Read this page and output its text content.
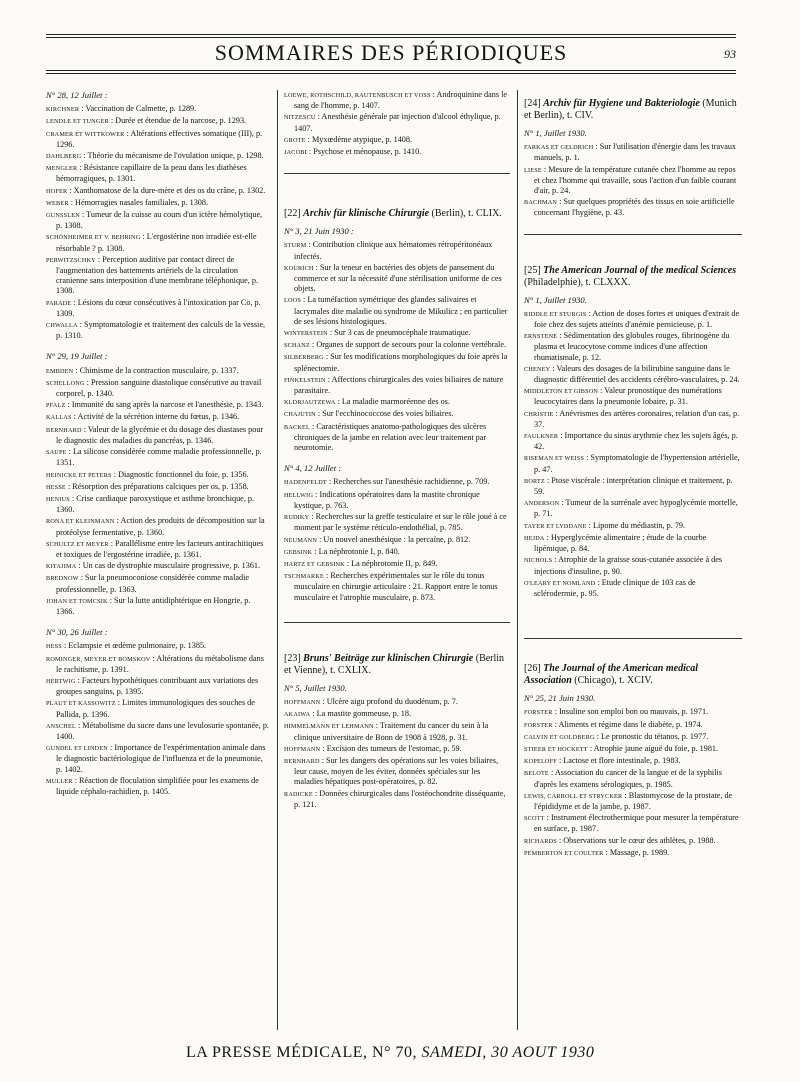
SOMMAIRES DES PÉRIODIQUES	93

N° 28, 12 Juillet :

KIRCHNER : Vaccination de Calmette, p. 1289.

LENDLE ET TUNGER : Durée et étendue de la narcose, p. 1293.

CRAMER ET WITTKOWER : Altérations effectives somatique (III), p. 1296.

DAHLBERG : Théorie du mécanisme de l'ovulation unique, p. 1298.

MENGLER : Résistance capillaire de la peau dans les diathèses hémorragiques, p. 1301.

HOFER : Xanthomatose de la dure-mère et des os du crâne, p. 1302.

WEBER : Hémorragies nasales familiales, p. 1308.

GUNSSLEN : Tumeur de la cuisse au cours d'un ictère hémolytique, p. 1308.

SCHÖNHEIMER ET V. BEHRING : L'ergostérine non irradiée est-elle résorbable ? p. 1308.

PERWITZSCHKY : Perception auditive par contact direct de l'augmentation des battements artériels de la circulation cranienne sans interposition d'une membrane téléphonique, p. 1308.

PARADE : Lésions du cœur consécutives à l'intoxication par Co, p. 1309.

CHWALLA : Symptomatologie et traitement des calculs de la vessie, p. 1310.

N° 29, 19 Juillet :

EMBDEN : Chimisme de la contraction musculaire, p. 1337.

SCHELLONG : Pression sanguine diastolique consécutive au travail corporel, p. 1340.

PFALZ : Immunité du sang après la narcose et l'anesthésie, p. 1343.

KALLAS : Activité de la sécrétion interne du fœtus, p. 1346.

BERNHARD : Valeur de la glycémie et du dosage des diastases pour le diagnostic des maladies du pancréas, p. 1346.

SAUPE : La silicose considérée comme maladie professionnelle, p. 1351.

HEINICKE ET PETERS : Diagnostic fonctionnel du foie, p. 1356.

HESSE : Résorption des préparations calciques per os, p. 1358.

HENIUS : Crise cardiaque paroxystique et asthme bronchique, p. 1360.

RONA ET KLEINMANN : Action des produits de décomposition sur la protéolyse fermentative, p. 1360.

SCHULTZ ET MEYER : Parallélisme entre les facteurs antirachitiques et toxiques de l'ergostérine irradiée, p. 1361.

KITAJIMA : Un cas de dystrophie musculaire progressive, p. 1361.

BREDNOW : Sur la pneumoconiose considérée comme maladie professionnelle, p. 1363.

JOHAN ET TOMCSIK : Sur la lutte antidiphtérique en Hongrie, p. 1366.

N° 30, 26 Juillet :

HESS : Eclampsie et œdème pulmonaire, p. 1385.

ROMINGER, MEYER ET BOMSKOV : Altérations du métabolisme dans le rachitisme, p. 1391.

HERTWIG : Facteurs hypothétiques contribuant aux variations des groupes sanguins, p. 1395.

PLAUT ET KASSOWITZ : Limites immunologiques des souches de Pallida, p. 1396.

ANSCHEL : Métabolisme du sucre dans une levulosurie spontanée, p. 1400.

GUNDEL ET LINDEN : Importance de l'expérimentation animale dans le diagnostic bactériologique de l'influenza et de la pneumonie, p. 1402.

MULLER : Réaction de floculation simplifiée pour les examens de liquide céphalo-rachidien, p. 1405.

LOEWE, ROTHSCHILD, RAUTENBUSCH ET VOSS : Androquinine dans le sang de l'homme, p. 1407.

NITZESCU : Anesthésie générale par injection d'alcool éthylique, p. 1407.

GROTE : Myxœdème atypique, p. 1408.

JACOBI : Psychose et ménopause, p. 1410.

[22] Archiv für klinische Chirurgie (Berlin), t. CLIX.

N° 3, 21 Juin 1930 :

STURM : Contribution clinique aux hématomes rétropéritonéaux infectés.

KOURICH : Sur la teneur en bactéries des objets de pansement du commerce et sur la nécessité d'une stérilisation uniforme de ces objets.

LOOS : La tuméfaction symétrique des glandes salivaires et lacrymales dite maladie ou syndrome de Mikulicz ; en particulier de ses lésions histologiques.

WINTERSTEIN : Sur 3 cas de pneumocéphale traumatique.

SCHANZ : Organes de support de secours pour la colonne vertébrale.

SILBERBERG : Sur les modifications morphologiques du foie après la splénectomie.

FINKELSTEIN : Affections chirurgicales des voies biliaires de nature parasitaire.

KLDRJAUTZEWA : La maladie marmoréenne des os.

CHAJUTIN : Sur l'ecchinococcose des voies biliaires.

BACKEL : Caractéristiques anatomo-pathologiques des ulcères chroniques de la jambe en relation avec leur traitement par neurotomie.

N° 4, 12 Juillet :

HADENFELDT : Recherches sur l'anesthésie rachidienne, p. 709.

HELLWIG : Indications opératoires dans la mastite chronique kystique, p. 763.

RUDIKY : Recherches sur la greffe testiculaire et sur le rôle joué à ce moment par le système réticulo-endothélial, p. 785.

NEUMANN : Un nouvel anesthésique : la percaïne, p. 812.

GEBSINK : La néphrotonie I, p. 840.

HARTZ ET GEBSINK : La néphrotomie II, p. 849.

TSCHMARKE : Recherches expérimentales sur le rôle du tonus musculaire en chirurgie articulaire : 21. Rapport entre le tonus musculaire et l'atrophie musculaire, p. 873.

[23] Bruns' Beiträge zur klinischen Chirurgie (Berlin et Vienne), t. CXLIX.

N° 5, Juillet 1930.

HOFFMANN : Ulcère aigu profond du duodénum, p. 7.

AKAIWA : La mastite gommeuse, p. 18.

HIMMELMANN ET LEHMANN : Traitement du cancer du sein à la clinique universitaire de Bonn de 1908 à 1928, p. 31.

HOFFMANN : Excision des tumeurs de l'estomac, p. 59.

BERNHARD : Sur les dangers des opérations sur les voies biliaires, leur cause, moyen de les éviter, données spéciales sur les maladies hépatiques post-opératoires, p. 82.

RADICKE : Données chirurgicales dans l'ostéochondrite disséquante, p. 121.

[24] Archiv für Hygiene und Bakteriologie (Munich et Berlin), t. CIV.

N° 1, Juillet 1930.

FARKAS ET GELDRICH : Sur l'utilisation d'énergie dans les travaux manuels, p. 1.

LIESE : Mesure de la température cutanée chez l'homme au repos et chez l'homme qui travaille, sous l'action d'un faible courant d'air, p. 24.

BACHMAN : Sur quelques propriétés des tissus en soie artificielle concernant l'hygiène, p. 43.

[25] The American Journal of the medical Sciences (Philadelphie), t. CLXXX.

N° 1, Juillet 1930.

RIDDLE ET STURGIS : Action de doses fortes et uniques d'extrait de foie chez des sujets atteints d'anémie pernicieuse, p. 1.

ERNSTENE : Sédimentation des globules rouges, fibrinogène du plasma et leucocytose comme indices d'une affection rhumatismale, p. 12.

CHENEY : Valeurs des dosages de la bilirubine sanguine dans le diagnostic différentiel des accidents cérébro-vasculaires, p. 24.

MIDDLETON ET GIBSON : Valeur pronostique des numérations leucocytaires dans la pneumonie lobaire, p. 31.

CHRISTIE : Anévrismes des artères coronaires, relation d'un cas, p. 37.

FAULKNER : Importance du sinus arythmie chez les sujets âgés, p. 42.

RISEMAN ET WEISS : Symptomatologie de l'hypertension artérielle, p. 47.

BORTZ : Ptose viscérale : interprétation clinique et traitement, p. 59.

ANDERSON : Tumeur de la surrénale avec hypoglycémie mortelle, p. 71.

TAYER ET LYDDANE : Lipome du médiastin, p. 79.

HEJDA : Hyperglycémie alimentaire ; étude de la courbe lipémique, p. 84.

NICHOLS : Atrophie de la graisse sous-cutanée associée à des injections d'insuline, p. 90.

O'LEARY ET NOMLAND : Etude clinique de 103 cas de sclérodermie, p. 95.

[26] The Journal of the American medical Association (Chicago), t. XCIV.

N° 25, 21 Juin 1930.

FORSTER : Insuline son emploi bon ou mauvais, p. 1971.

FORSTER : Aliments et régime dans le diabète, p. 1974.

CALVIN ET GOLDBERG : Le pronostic du tétanos, p. 1977.

STIEER ET HOCKETT : Atrophie jaune aiguë du foie, p. 1981.

KOPELOFF : Lactose et flore intestinale, p. 1983.

BELOTE : Association du cancer de la langue et de la syphilis d'après les examens sérologiques, p. 1985.

LEWIS, CARROLL ET STRYCKER : Blastomycose de la prostate, de l'épididyme et de la jambe, p. 1987.

SCOTT : Instrument électrothermique pour mesurer la température en surface, p. 1987.

RICHARDS : Observations sur le cœur des athlètes, p. 1988.

PEMBERTON ET COULTER : Massage, p. 1989.

LA PRESSE MÉDICALE, N° 70, SAMEDI, 30 AOUT 1930
